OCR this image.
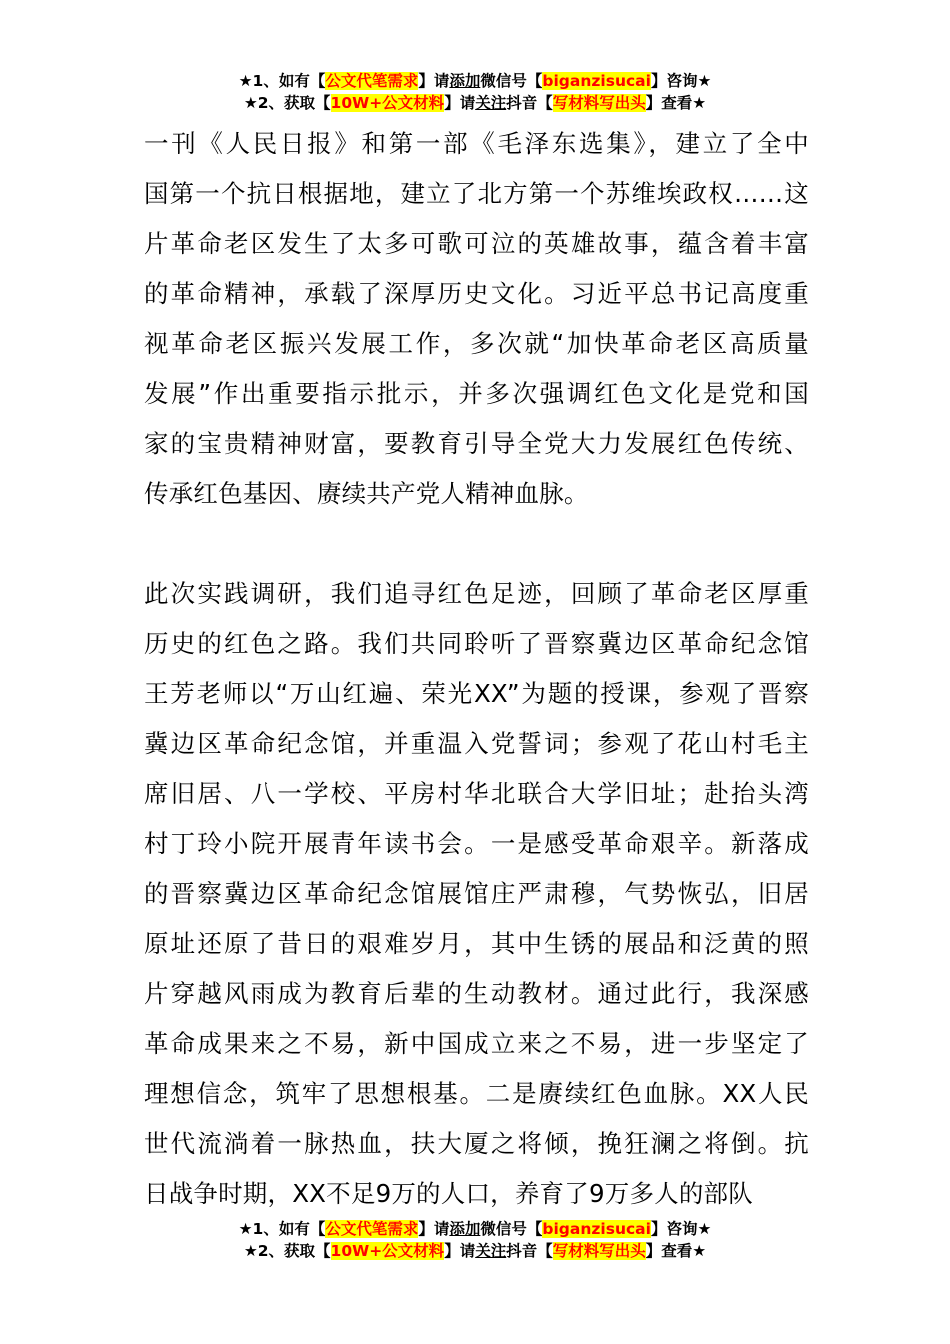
★1、如有【公文代笔需求】请添加微信号【biganzisucai】咨询★
★2、获取【10W+公文材料】请关注抖音【写材料写出头】查看★
一刊《人民日报》和第一部《毛泽东选集》，建立了全中
国第一个抗日根据地，建立了北方第一个苏维埃政权……这
片革命老区发生了太多可歌可泣的英雄故事，蕴含着丰富
的革命精神，承载了深厚历史文化。习近平总书记高度重
视革命老区振兴发展工作，多次就“加快革命老区高质量
发展”作出重要指示批示，并多次强调红色文化是党和国
家的宝贵精神财富，要教育引导全党大力发展红色传统、
传承红色基因、赓续共产党人精神血脉。
此次实践调研，我们追寻红色足迹，回顾了革命老区厚重
历史的红色之路。我们共同聆听了晋察冀边区革命纪念馆
王芳老师以“万山红遍、荣光XX”为题的授课，参观了晋察
冀边区革命纪念馆，并重温入党誓词；参观了花山村毛主
席旧居、八一学校、平房村华北联合大学旧址；赴抬头湾
村丁玲小院开展青年读书会。一是感受革命艰辛。新落成
的晋察冀边区革命纪念馆展馆庄严肃穆，气势恢弘，旧居
原址还原了昔日的艰难岁月，其中生锈的展品和泛黄的照
片穿越风雨成为教育后辈的生动教材。通过此行，我深感
革命成果来之不易，新中国成立来之不易，进一步坚定了
理想信念，筑牢了思想根基。二是赓续红色血脉。XX人民
世代流淌着一脉热血，扶大厦之将倾，挽狂澜之将倒。抗
日战争时期，XX不足9万的人口，养育了9万多人的部队
★1、如有【公文代笔需求】请添加微信号【biganzisucai】咨询★
★2、获取【10W+公文材料】请关注抖音【写材料写出头】查看★
